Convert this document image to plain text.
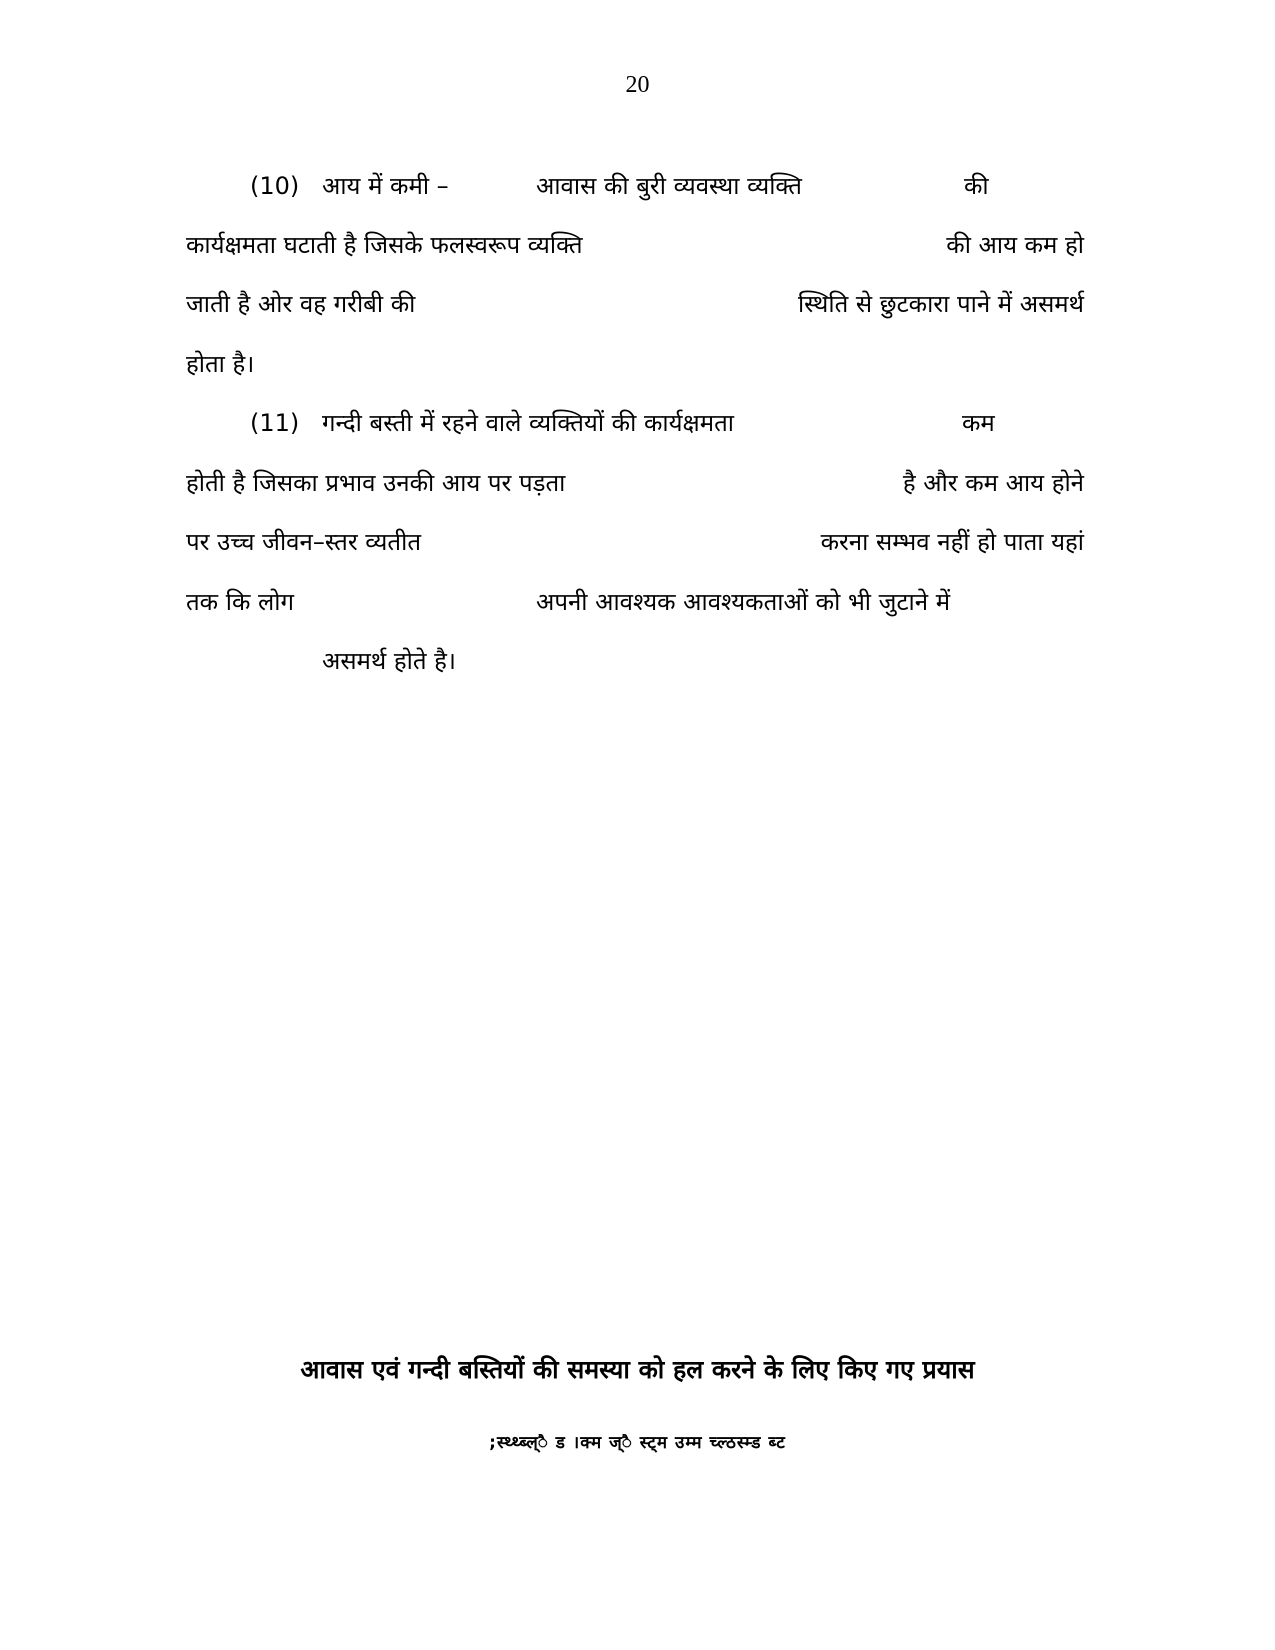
20
(10) आय में कमी –	आवास की बुरी व्यवस्था व्यक्ति	की
कार्यक्षमता घटाती है जिसके फलस्वरूप व्यक्ति	की आय कम हो
जाती है ओर वह गरीबी की	स्थिति से छुटकारा पाने में असमर्थ
होता है।
(11) गन्दी बस्ती में रहने वाले व्यक्तियों की कार्यक्षमता	कम
होती है जिसका प्रभाव उनकी आय पर पड़ता	है और कम आय होने
पर उच्च जीवन–स्तर व्यतीत	करना सम्भव नहीं हो पाता यहां
तक कि लोग	अपनी आवश्यक आवश्यकताओं को भी जुटाने में
असमर्थ होते है।
आवास एवं गन्दी बस्तियों की समस्या को हल करने के लिए किए गए प्रयास
;स्थ्थ्ब्ल्ै ड ।क्म ज्ै स्ट्म उम्म च्ल्ठस्म्ड ब्ट
